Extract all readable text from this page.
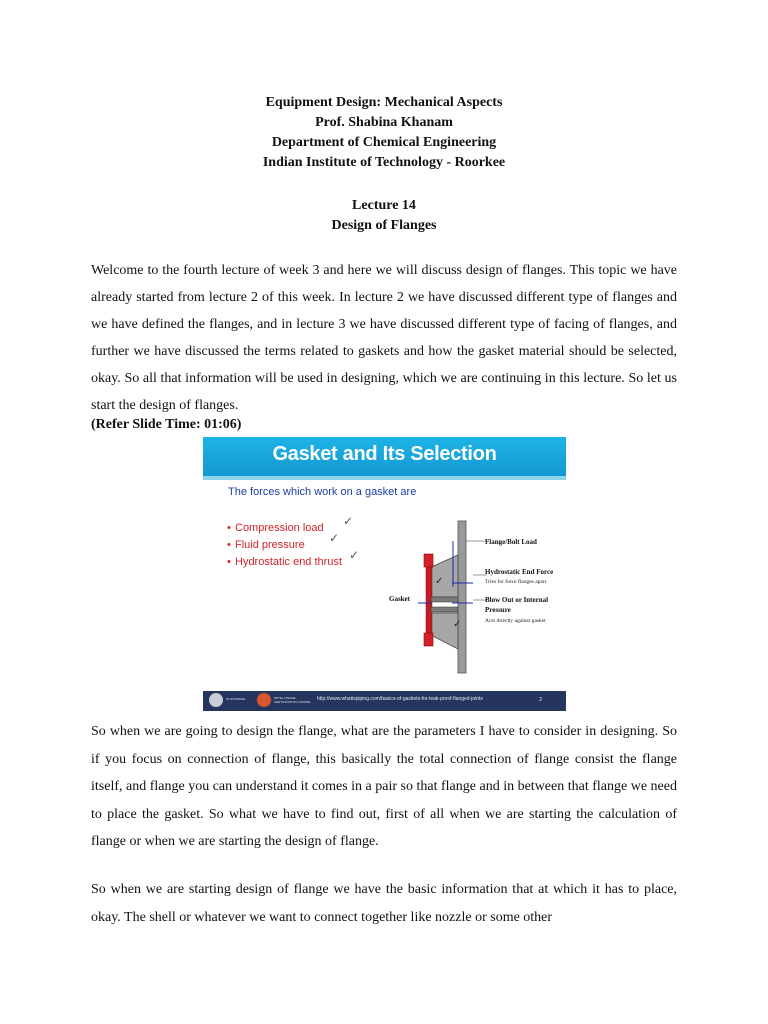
Equipment Design: Mechanical Aspects
Prof. Shabina Khanam
Department of Chemical Engineering
Indian Institute of Technology - Roorkee
Lecture 14
Design of Flanges
Welcome to the fourth lecture of week 3 and here we will discuss design of flanges. This topic we have already started from lecture 2 of this week. In lecture 2 we have discussed different type of flanges and we have defined the flanges, and in lecture 3 we have discussed different type of facing of flanges, and further we have discussed the terms related to gaskets and how the gasket material should be selected, okay. So all that information will be used in designing, which we are continuing in this lecture. So let us start the design of flanges.
(Refer Slide Time: 01:06)
Gasket and Its Selection
The forces which work on a gasket are
• Compression load
• Fluid pressure
• Hydrostatic end thrust
✓
✓
✓
✓
✓
Flange/Bolt Load
Hydrostatic End Force
Tries for force flanges apart.
Gasket	Blow Out or Internal
Pressure
Acts directly against gasket
IIT ROORKEE	NPTEL ONLINE
CERTIFICATION COURSE http://www.whatispiping.com/basics-of-gaskets-for-leak-proof-flanged-joints	2
So when we are going to design the flange, what are the parameters I have to consider in designing. So if you focus on connection of flange, this basically the total connection of flange consist the flange itself, and flange you can understand it comes in a pair so that flange and in between that flange we need to place the gasket. So what we have to find out, first of all when we are starting the calculation of flange or when we are starting the design of flange.
So when we are starting design of flange we have the basic information that at which it has to place, okay. The shell or whatever we want to connect together like nozzle or some other
